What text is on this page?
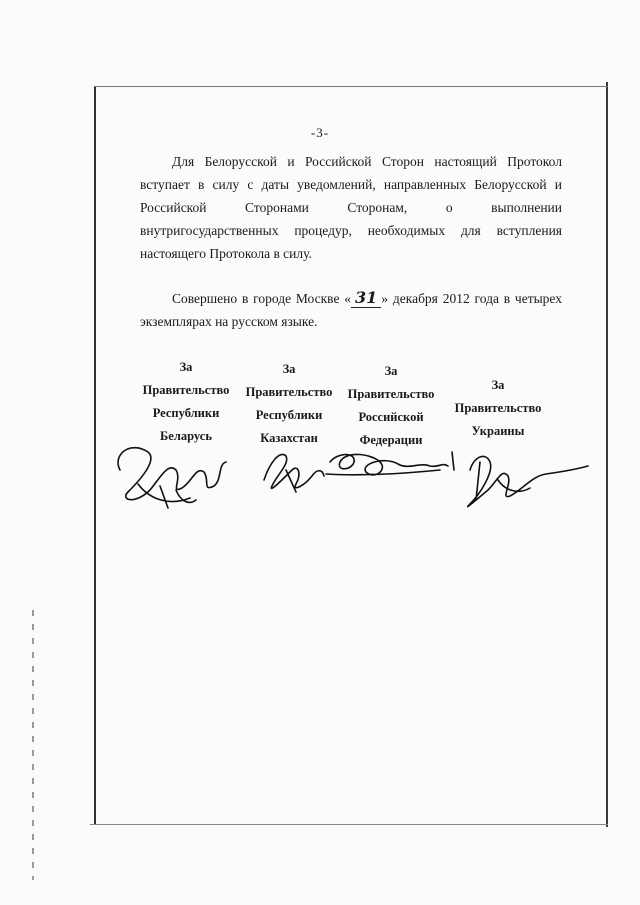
-3-
Для Белорусской и Российской Сторон настоящий Протокол вступает в силу с даты уведомлений, направленных Белорусской и Российской Сторонами Сторонам, о выполнении внутригосударственных процедур, необходимых для вступления настоящего Протокола в силу.
Совершено в городе Москве « 31 » декабря 2012 года в четырех экземплярах на русском языке.
За
Правительство
Республики
Беларусь
За
Правительство
Республики
Казахстан
За
Правительство
Российской
Федерации
За
Правительство
Украины
